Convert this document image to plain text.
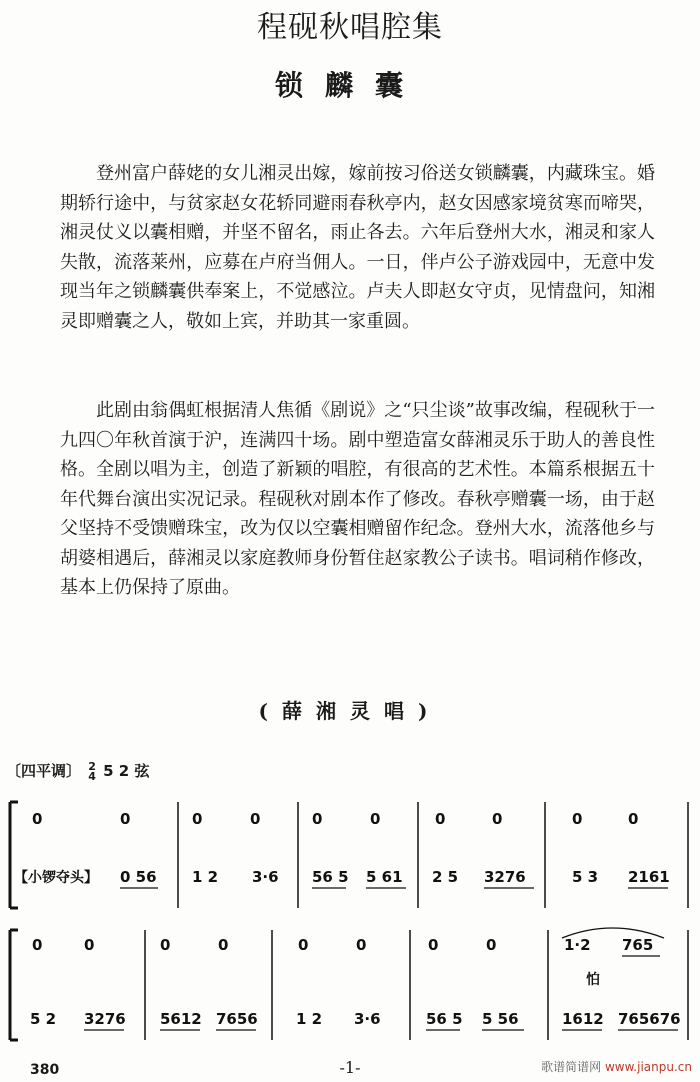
程砚秋唱腔集
锁麟囊

登州富户薛姥的女儿湘灵出嫁，嫁前按习俗送女锁麟囊，内藏珠宝。婚期轿行途中，与贫家赵女花轿同避雨春秋亭内，赵女因感家境贫寒而啼哭，湘灵仗义以囊相赠，并坚不留名，雨止各去。六年后登州大水，湘灵和家人失散，流落莱州，应募在卢府当佣人。一日，伴卢公子游戏园中，无意中发现当年之锁麟囊供奉案上，不觉感泣。卢夫人即赵女守贞，见情盘问，知湘灵即赠囊之人，敬如上宾，并助其一家重圆。

此剧由翁偶虹根据清人焦循《剧说》之“只尘谈”故事改编，程砚秋于一九四〇年秋首演于沪，连满四十场。剧中塑造富女薛湘灵乐于助人的善良性格。全剧以唱为主，创造了新颖的唱腔，有很高的艺术性。本篇系根据五十年代舞台演出实况记录。程砚秋对剧本作了修改。春秋亭赠囊一场，由于赵父坚持不受馈赠珠宝，改为仅以空囊相赠留作纪念。登州大水，流落他乡与胡婆相遇后，薛湘灵以家庭教师身份暂住赵家教公子读书。唱词稍作修改，基本上仍保持了原曲。

(薛湘灵唱)
〔四平调〕 2
4 5 2 弦
0	0	0	0	0	0	0	0	0	0
【小锣夺头】 0 56 1 2 3·6 56 5 5 61 2 5 3276	5 3 2161
0	0	0	0	0	0	0	0	1·2 765
怕
5 2 3276 5612 7656	1 2 3·6	56 5 5 56	1612 765676
380	-1-	歌谱简谱网 www.jianpu.cn
